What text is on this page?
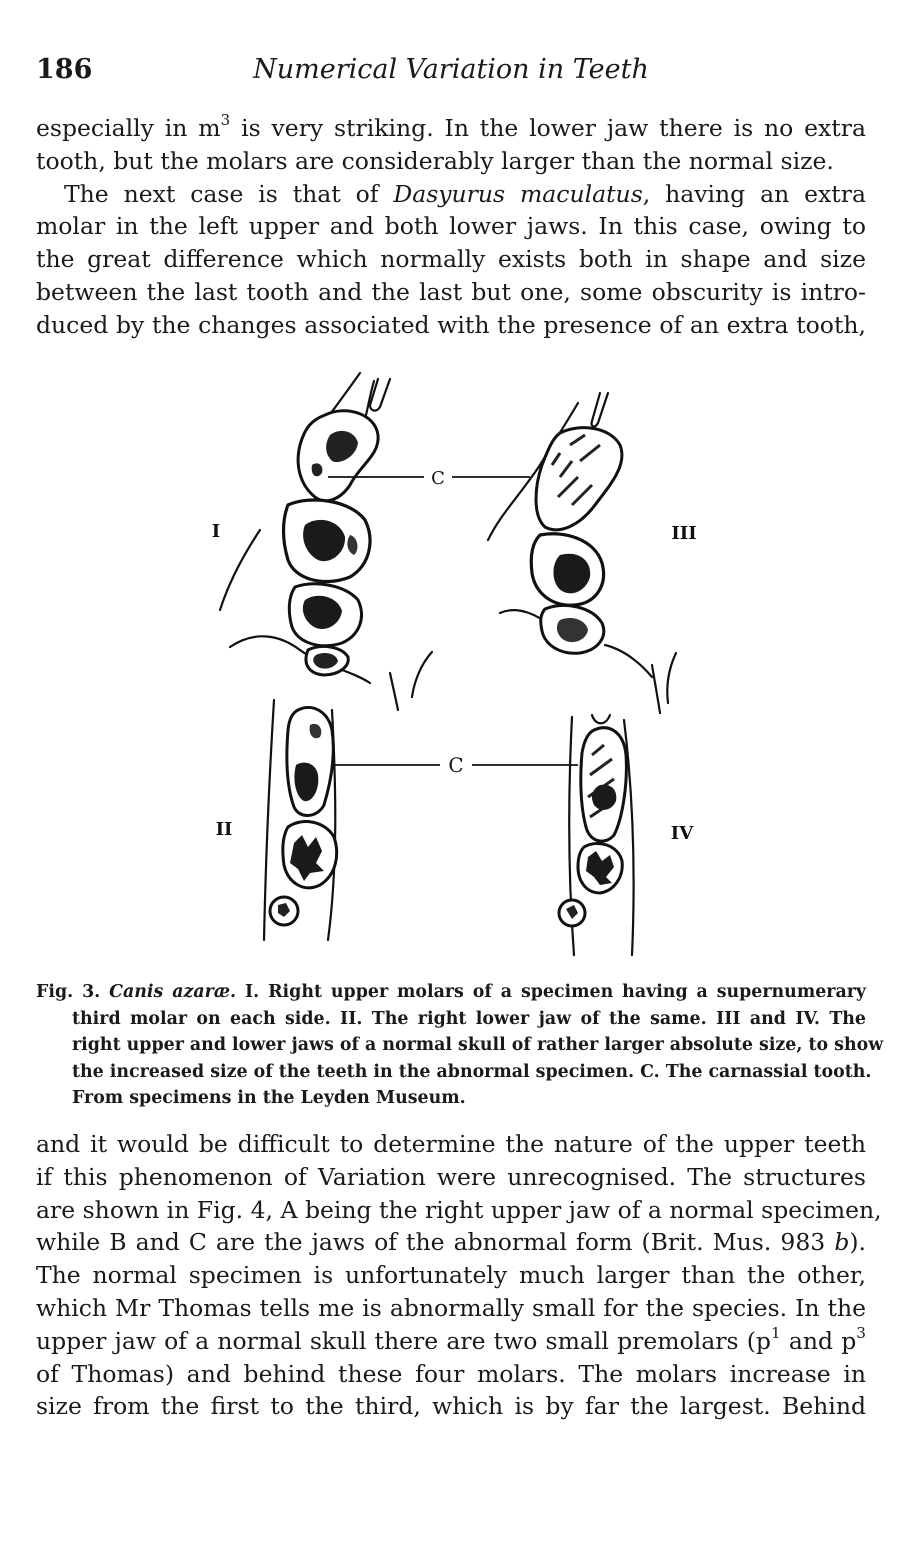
186	Numerical Variation in Teeth
especially in $m^3$ is very striking. In the lower jaw there is no extra
tooth, but the molars are considerably larger than the normal size.
The next case is that of Dasyurus maculatus, having an extra
molar in the left upper and both lower jaws. In this case, owing to
the great difference which normally exists both in shape and size
between the last tooth and the last but one, some obscurity is intro-
duced by the changes associated with the presence of an extra tooth,
C
I	III
C
II	IV
Fig. 3. Canis azaræ. I. Right upper molars of a specimen having a supernumerary
third molar on each side. II. The right lower jaw of the same. III and IV. The
right upper and lower jaws of a normal skull of rather larger absolute size, to show
the increased size of the teeth in the abnormal specimen. C. The carnassial tooth.
From specimens in the Leyden Museum.
and it would be difficult to determine the nature of the upper teeth
if this phenomenon of Variation were unrecognised. The structures
are shown in Fig. 4, A being the right upper jaw of a normal specimen,
while B and C are the jaws of the abnormal form (Brit. Mus. 983 b).
The normal specimen is unfortunately much larger than the other,
which Mr Thomas tells me is abnormally small for the species. In the
upper jaw of a normal skull there are two small premolars ($p^1$ and $p^3$
of Thomas) and behind these four molars. The molars increase in
size from the first to the third, which is by far the largest. Behind
